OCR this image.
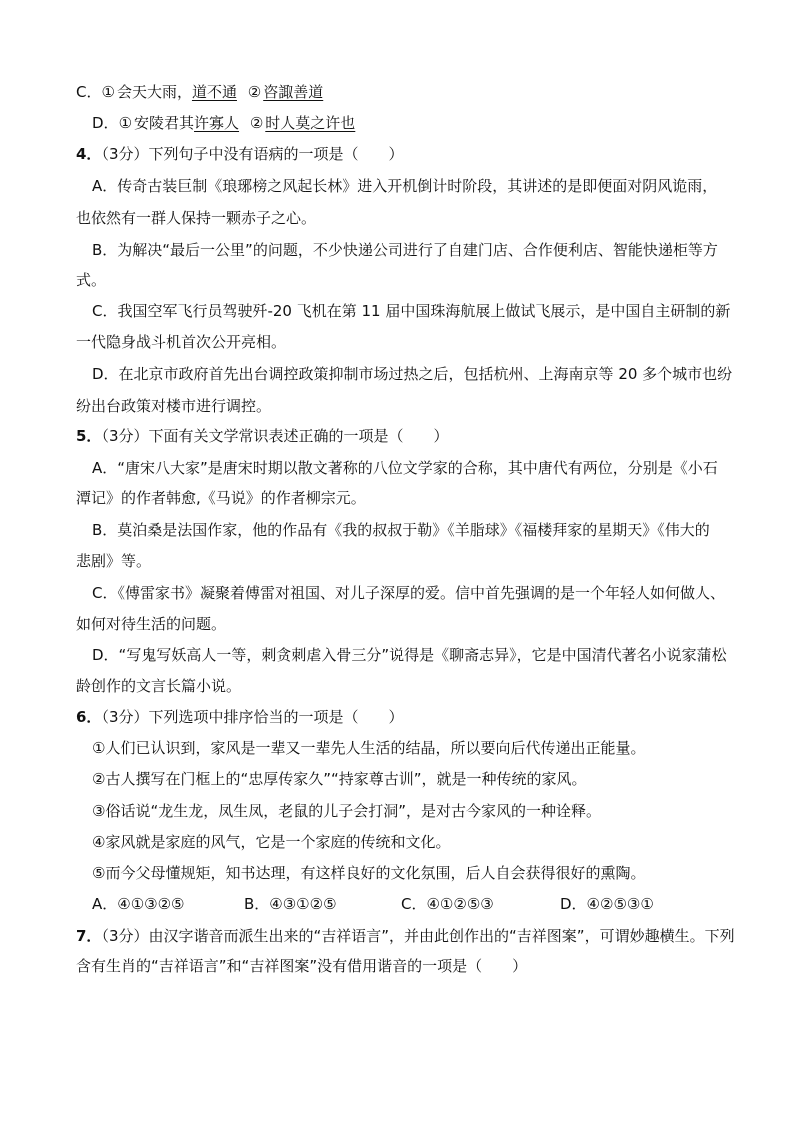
C．① 会天大雨，道不通 ② 咨諏善道
D．① 安陵君其许寡人 ② 时人莫之许也
4．（3分）下列句子中没有语病的一项是（　　）
A．传奇古装巨制《琅琊榜之风起长林》进入开机倒计时阶段，其讲述的是即便面对阴风诡雨，
也依然有一群人保持一颗赤子之心。
B．为解决“最后一公里”的问题，不少快递公司进行了自建门店、合作便利店、智能快递柜等方
式。
C．我国空军飞行员驾驶歼-20 飞机在第 11 届中国珠海航展上做试飞展示，是中国自主研制的新
一代隐身战斗机首次公开亮相。
D．在北京市政府首先出台调控政策抑制市场过热之后，包括杭州、上海南京等 20 多个城市也纷
纷出台政策对楼市进行调控。
5．（3分）下面有关文学常识表述正确的一项是（　　）
A．“唐宋八大家”是唐宋时期以散文著称的八位文学家的合称，其中唐代有两位，分别是《小石
潭记》的作者韩愈,《马说》的作者柳宗元。
B．莫泊桑是法国作家，他的作品有《我的叔叔于勒》《羊脂球》《福楼拜家的星期天》《伟大的
悲剧》等。
C．《傅雷家书》凝聚着傅雷对祖国、对儿子深厚的爱。信中首先强调的是一个年轻人如何做人、
如何对待生活的问题。
D．“写鬼写妖高人一等，刺贪刺虐入骨三分”说得是《聊斋志异》，它是中国清代著名小说家蒲松
龄创作的文言长篇小说。
6．（3分）下列选项中排序恰当的一项是（　　）
①人们已认识到，家风是一辈又一辈先人生活的结晶，所以要向后代传递出正能量。
②古人撰写在门框上的“忠厚传家久”“持家尊古训”，就是一种传统的家风。
③俗话说“龙生龙，凤生凤，老鼠的儿子会打洞”，是对古今家风的一种诠释。
④家风就是家庭的风气，它是一个家庭的传统和文化。
⑤而今父母懂规矩，知书达理，有这样良好的文化氛围，后人自会获得很好的熏陶。
A．④①③②⑤	B．④③①②⑤	C．④①②⑤③	D．④②⑤③①
7．（3分）由汉字谐音而派生出来的“吉祥语言”，并由此创作出的“吉祥图案”，可谓妙趣横生。下列
含有生肖的“吉祥语言”和“吉祥图案”没有借用谐音的一项是（　　）
